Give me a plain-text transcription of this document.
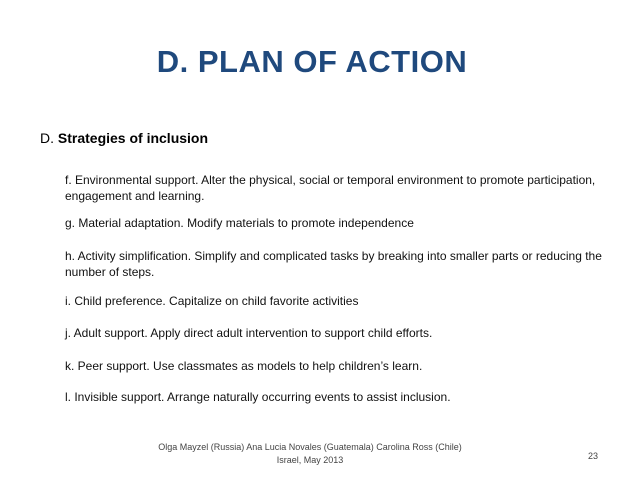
D. PLAN OF ACTION
D. Strategies of inclusion
f. Environmental support. Alter the physical, social or temporal environment to promote participation, engagement and learning.
g. Material adaptation. Modify materials to promote independence
h. Activity simplification. Simplify and complicated tasks by breaking into smaller parts or reducing the number of steps.
i. Child preference. Capitalize on child favorite activities
j. Adult support. Apply direct adult intervention to support child efforts.
k. Peer support. Use classmates as models to help children’s learn.
l. Invisible support. Arrange naturally occurring events to assist inclusion.
Olga Mayzel (Russia) Ana Lucia Novales (Guatemala) Carolina Ross (Chile)
Israel, May 2013	23
